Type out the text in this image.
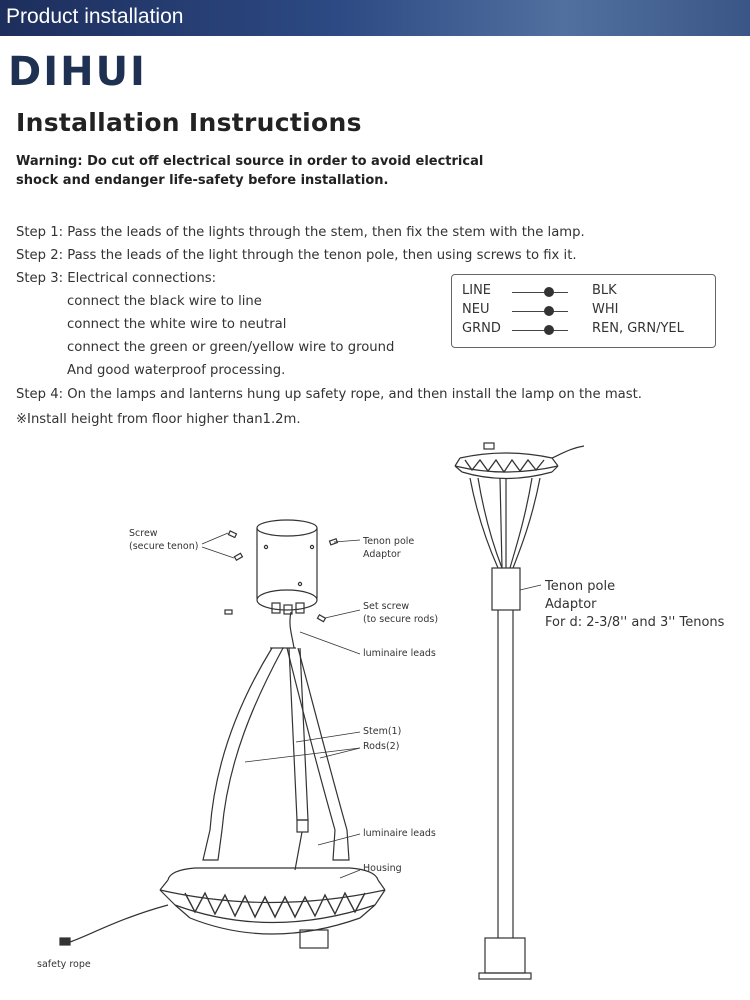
Product installation
DIHUI
Installation Instructions
Warning: Do cut off electrical source in order to avoid electrical
shock and endanger life-safety before installation.
Step 1: Pass the leads of the lights through the stem, then fix the stem with the lamp.
Step 2: Pass the leads of the light through the tenon pole, then using screws to fix it.
Step 3: Electrical connections:
connect the black wire to line
connect the white wire to neutral
connect the green or green/yellow wire to ground
And good waterproof processing.
Step 4: On the lamps and lanterns hung up safety rope, and then install the lamp on the mast.
※Install height from floor higher than1.2m.
LINE	BLK
NEU	WHI
GRND	REN, GRN/YEL
Screw
(secure tenon)	Tenon pole
Adaptor
Set screw
(to secure rods)
luminaire leads
Stem(1)
Rods(2)
luminaire leads
Housing
safety rope
Tenon pole
Adaptor
For d: 2-3/8'' and 3'' Tenons
